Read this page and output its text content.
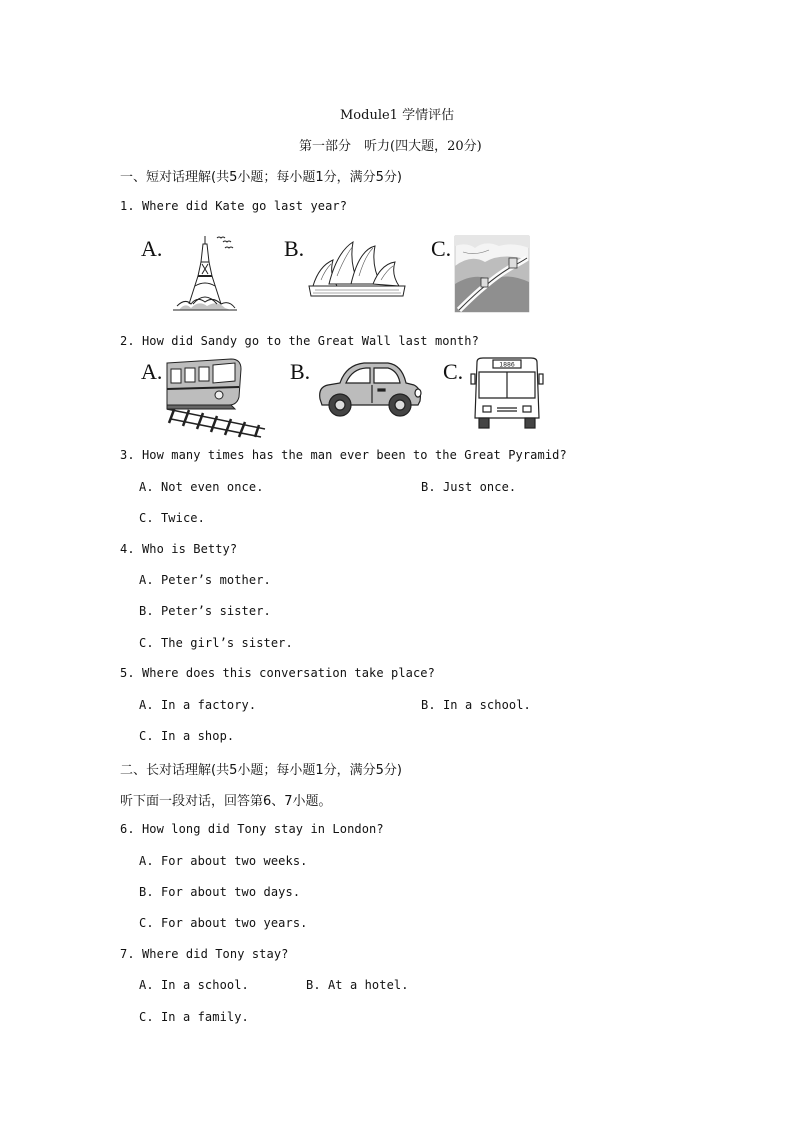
Module1 学情评估
第一部分　听力(四大题，20分)
一、短对话理解(共5小题；每小题1分，满分5分)
1. Where did Kate go last year?
A.	B.	C.
2. How did Sandy go to the Great Wall last month?
A.	B.	C.	1886
3. How many times has the man ever been to the Great Pyramid?
A. Not even once.	B. Just once.
C. Twice.
4. Who is Betty?
A. Peter’s mother.
B. Peter’s sister.
C. The girl’s sister.
5. Where does this conversation take place?
A. In a factory.	B. In a school.
C. In a shop.
二、长对话理解(共5小题；每小题1分，满分5分)
听下面一段对话，回答第6、7小题。
6. How long did Tony stay in London?
A. For about two weeks.
B. For about two days.
C. For about two years.
7. Where did Tony stay?
A. In a school.	B. At a hotel.
C. In a family.
